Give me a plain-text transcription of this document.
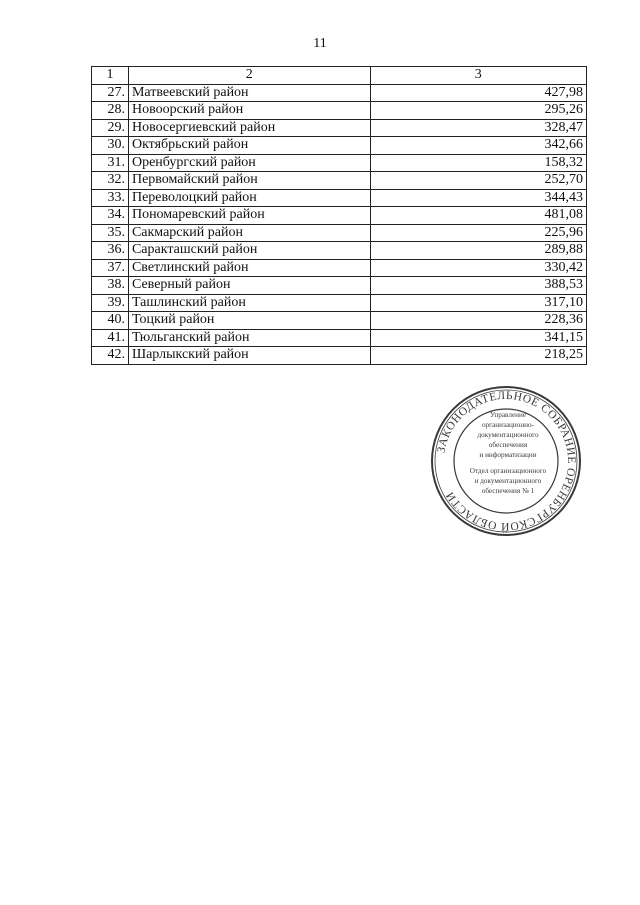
11
1	2	3
27.	Матвеевский район	427,98
28.	Новоорский район	295,26
29.	Новосергиевский район	328,47
30.	Октябрьский район	342,66
31.	Оренбургский район	158,32
32.	Первомайский район	252,70
33.	Переволоцкий район	344,43
34.	Пономаревский район	481,08
35.	Сакмарский район	225,96
36.	Саракташский район	289,88
37.	Светлинский район	330,42
38.	Северный район	388,53
39.	Ташлинский район	317,10
40.	Тоцкий район	228,36
41.	Тюльганский район	341,15
42.	Шарлыкский район	218,25
ЗАКОНОДАТЕЛЬНОЕ СОБРАНИЕ ОРЕНБУРГСКОЙ ОБЛАСТИ
Управление
организационно-
документационного
обеспечения
и информатизации
Отдел организационного
и документационного
обеспечения № 1
